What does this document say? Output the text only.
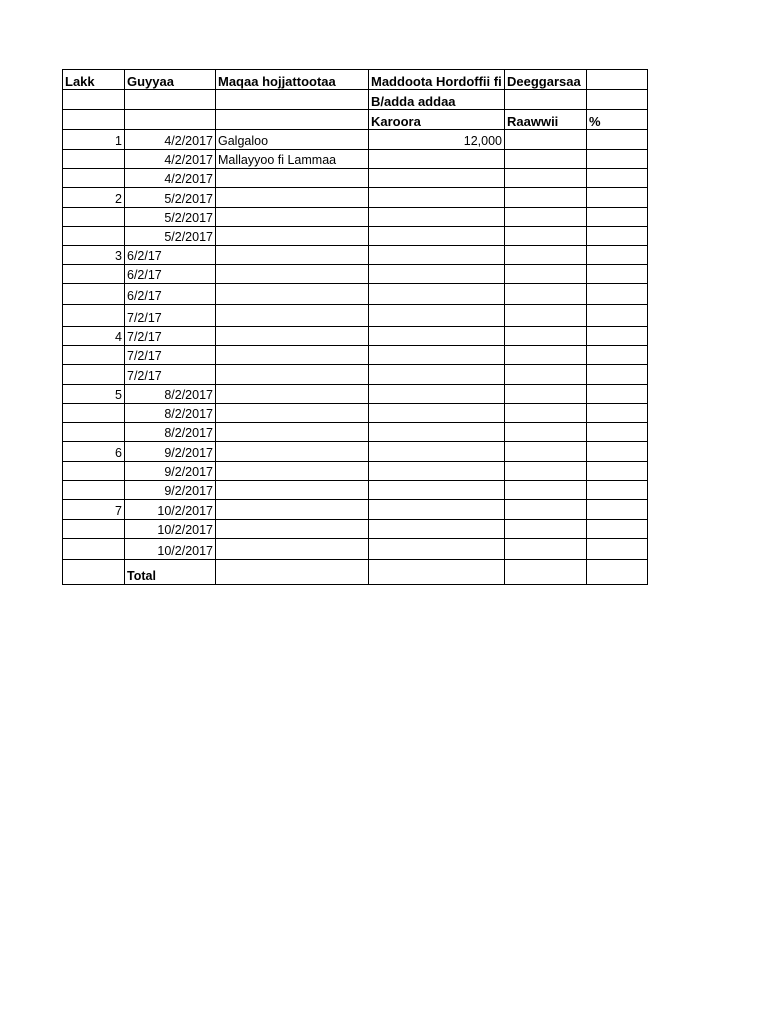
Lakk	Guyyaa	Maqaa hojjattootaa	Maddoota Hordoffii fi	Deeggarsaa	
			B/adda addaa		
			Karoora	Raawwii	%
1	4/2/2017	Galgaloo	12,000		
	4/2/2017	Mallayyoo fi Lammaa			
	4/2/2017				
2	5/2/2017				
	5/2/2017				
	5/2/2017				
3	6/2/17				
	6/2/17				
	6/2/17				
	7/2/17				
4	7/2/17				
	7/2/17				
	7/2/17				
5	8/2/2017				
	8/2/2017				
	8/2/2017				
6	9/2/2017				
	9/2/2017				
	9/2/2017				
7	10/2/2017				
	10/2/2017				
	10/2/2017				
	Total				
